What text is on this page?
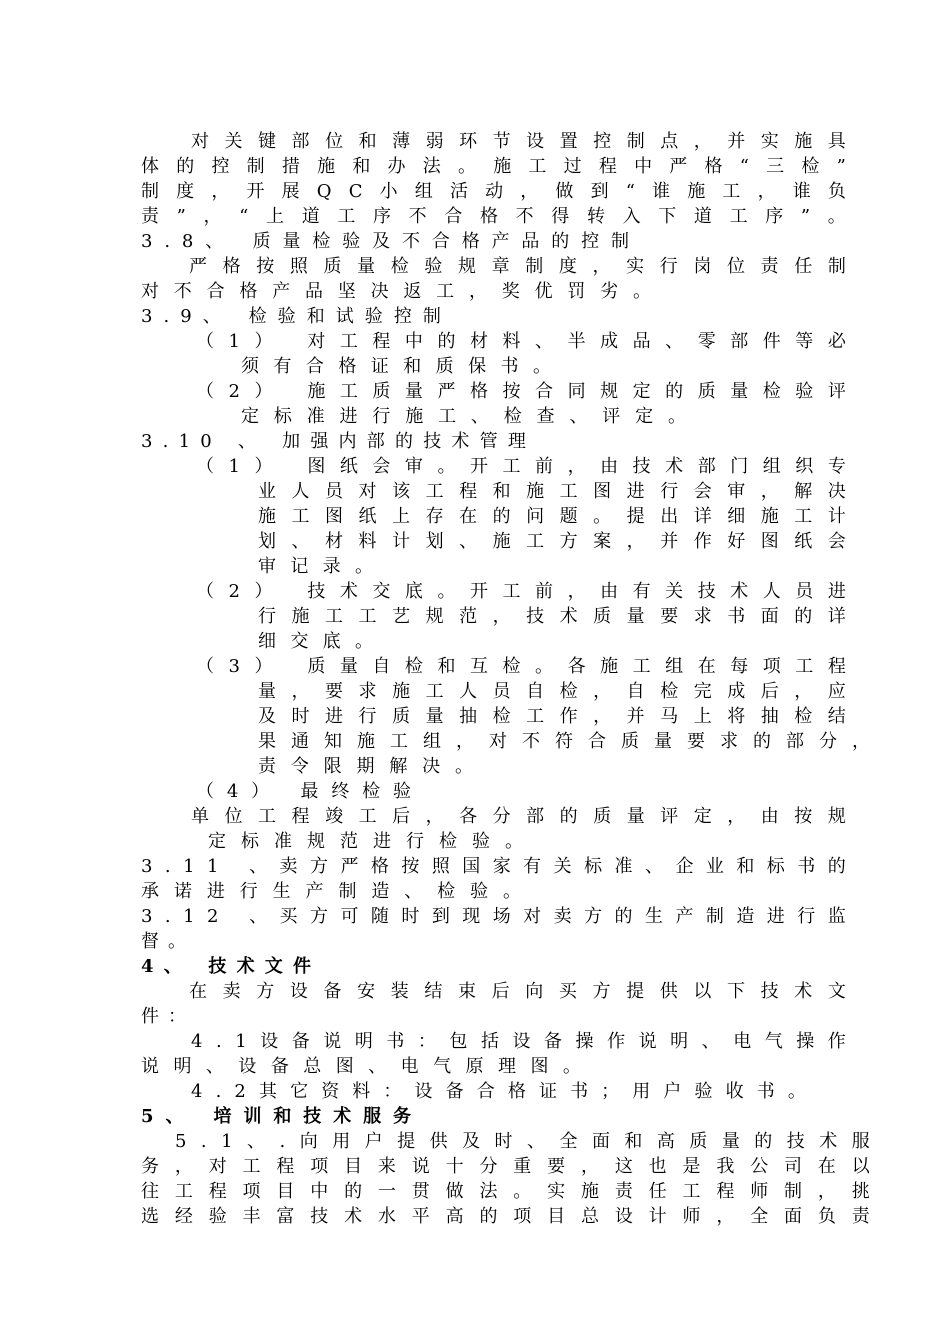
对 关 键 部 位 和 薄 弱 环 节 设 置 控 制 点 ， 并 实 施 具
体 的 控 制 措 施 和 办 法 。 施 工 过 程 中 严 格 “ 三 检 ”
制 度 ， 开 展 Q C 小 组 活 动 ， 做 到 “ 谁 施 工 ， 谁 负
责 ” ， “ 上 道 工 序 不 合 格 不 得 转 入 下 道 工 序 ” 。
3 . 8 、
质 量 检 验 及 不 合 格 产 品 的 控 制
严 格 按 照 质 量 检 验 规 章 制 度 ， 实 行 岗 位 责 任 制
对 不 合 格 产 品 坚 决 返 工 ， 奖 优 罚 劣 。
3 . 9 、
检 验 和 试 验 控 制
（ 1 ）
对 工 程 中 的 材 料 、 半 成 品 、 零 部 件 等 必
须 有 合 格 证 和 质 保 书 。
（ 2 ）
施 工 质 量 严 格 按 合 同 规 定 的 质 量 检 验 评
定 标 准 进 行 施 工 、 检 查 、 评 定 。
3 . 1 0
、
加 强 内 部 的 技 术 管 理
（ 1 ）
图 纸 会 审 。 开 工 前 ， 由 技 术 部 门 组 织 专
业 人 员 对 该 工 程 和 施 工 图 进 行 会 审 ， 解 决
施 工 图 纸 上 存 在 的 问 题 。 提 出 详 细 施 工 计
划 、 材 料 计 划 、 施 工 方 案 ， 并 作 好 图 纸 会
审 记 录 。
（ 2 ）
技 术 交 底 。 开 工 前 ， 由 有 关 技 术 人 员 进
行 施 工 工 艺 规 范 ， 技 术 质 量 要 求 书 面 的 详
细 交 底 。
（ 3 ）
质 量 自 检 和 互 检 。 各 施 工 组 在 每 项 工 程
量 ， 要 求 施 工 人 员 自 检 ， 自 检 完 成 后 ， 应
及 时 进 行 质 量 抽 检 工 作 ， 并 马 上 将 抽 检 结
果 通 知 施 工 组 ， 对 不 符 合 质 量 要 求 的 部 分 ，
责 令 限 期 解 决 。
（ 4 ）
最 终 检 验
单 位 工 程 竣 工 后 ， 各 分 部 的 质 量 评 定 ， 由 按 规
定 标 准 规 范 进 行 检 验 。
3 . 1 1
、 卖 方 严 格 按 照 国 家 有 关 标 准 、 企 业 和 标 书 的
承 诺 进 行 生 产 制 造 、 检 验 。
3 . 1 2
、 买 方 可 随 时 到 现 场 对 卖 方 的 生 产 制 造 进 行 监
督 。
4 、
技 术 文 件
在 卖 方 设 备 安 装 结 束 后 向 买 方 提 供 以 下 技 术 文
件 ：
4 . 1 设 备 说 明 书 ： 包 括 设 备 操 作 说 明 、 电 气 操 作
说 明 、 设 备 总 图 、 电 气 原 理 图 。
4 . 2 其 它 资 料 ： 设 备 合 格 证 书 ； 用 户 验 收 书 。
5 、
培 训 和 技 术 服 务
5 . 1 、 . 向 用 户 提 供 及 时 、 全 面 和 高 质 量 的 技 术 服
务 ， 对 工 程 项 目 来 说 十 分 重 要 ， 这 也 是 我 公 司 在 以
往 工 程 项 目 中 的 一 贯 做 法 。 实 施 责 任 工 程 师 制 ， 挑
选 经 验 丰 富 技 术 水 平 高 的 项 目 总 设 计 师 ， 全 面 负 责
